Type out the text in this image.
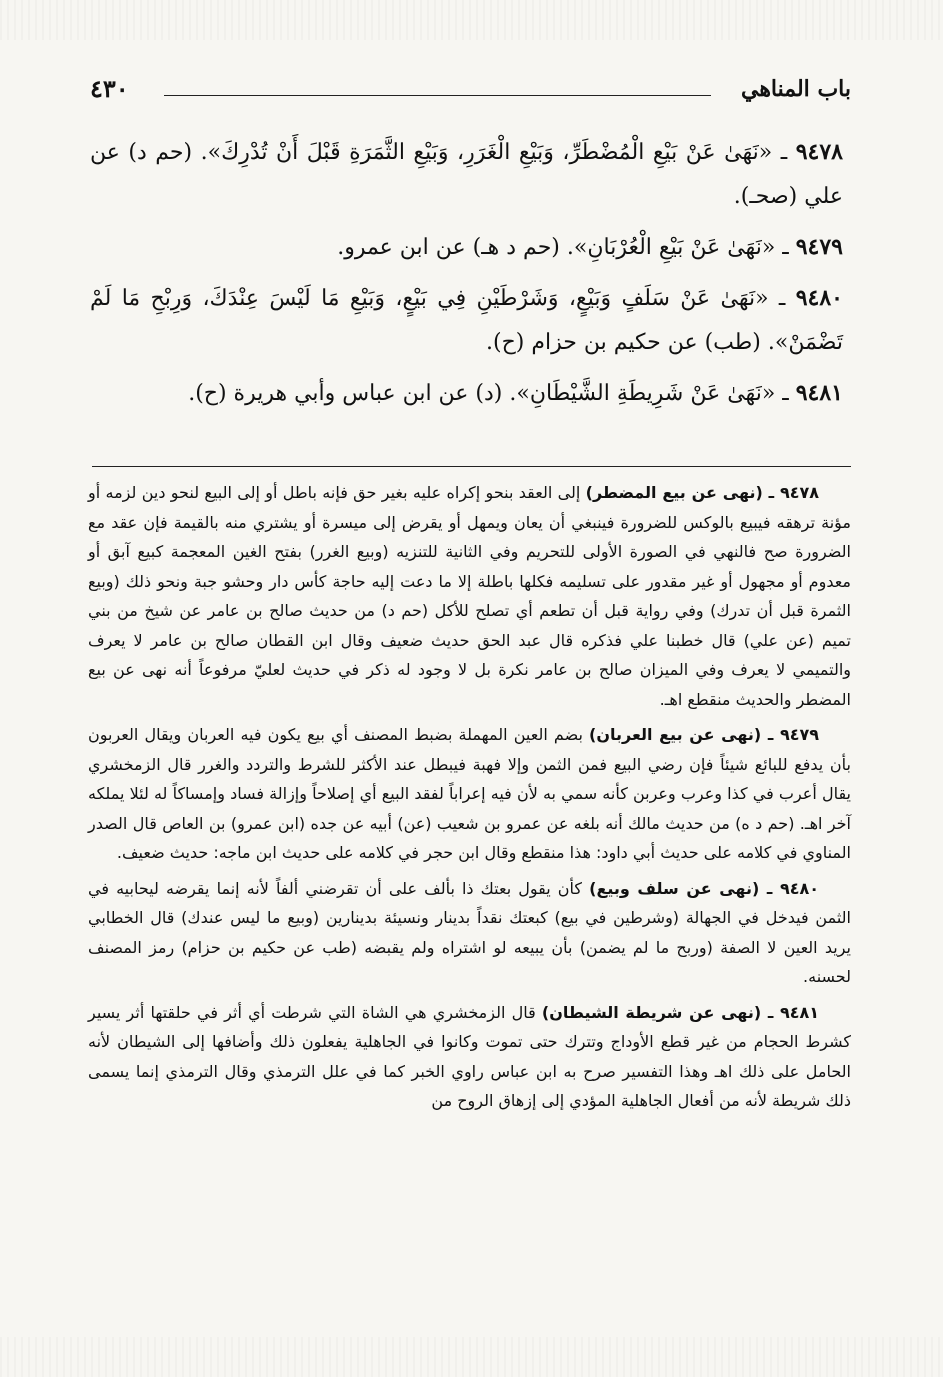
باب المناهي
٤٣٠

٩٤٧٨ ـ «نَهَىٰ عَنْ بَيْعِ الْمُضْطَرِّ، وَبَيْعِ الْغَرَرِ، وَبَيْعِ الثَّمَرَةِ قَبْلَ أَنْ تُدْرِكَ». (حم د) عن علي (صحـ).

٩٤٧٩ ـ «نَهَىٰ عَنْ بَيْعِ الْعُرْبَانِ». (حم د هـ) عن ابن عمرو.

٩٤٨٠ ـ «نَهَىٰ عَنْ سَلَفٍ وَبَيْعٍ، وَشَرْطَيْنِ فِي بَيْعٍ، وَبَيْعِ مَا لَيْسَ عِنْدَكَ، وَرِبْحِ مَا لَمْ تَضْمَنْ». (طب) عن حكيم بن حزام (ح).

٩٤٨١ ـ «نَهَىٰ عَنْ شَرِيطَةِ الشَّيْطَانِ». (د) عن ابن عباس وأبي هريرة (ح).

٩٤٧٨ ـ (نهى عن بيع المضطر) إلى العقد بنحو إكراه عليه بغير حق فإنه باطل أو إلى البيع لنحو دين لزمه أو مؤنة ترهقه فيبيع بالوكس للضرورة فينبغي أن يعان ويمهل أو يقرض إلى ميسرة أو يشتري منه بالقيمة فإن عقد مع الضرورة صح فالنهي في الصورة الأولى للتحريم وفي الثانية للتنزيه (وبيع الغرر) بفتح الغين المعجمة كبيع آبق أو معدوم أو مجهول أو غير مقدور على تسليمه فكلها باطلة إلا ما دعت إليه حاجة كأس دار وحشو جبة ونحو ذلك (وبيع الثمرة قبل أن تدرك) وفي رواية قبل أن تطعم أي تصلح للأكل (حم د) من حديث صالح بن عامر عن شيخ من بني تميم (عن علي) قال خطبنا علي فذكره قال عبد الحق حديث ضعيف وقال ابن القطان صالح بن عامر لا يعرف والتميمي لا يعرف وفي الميزان صالح بن عامر نكرة بل لا وجود له ذكر في حديث لعليّ مرفوعاً أنه نهى عن بيع المضطر والحديث منقطع اهـ.

٩٤٧٩ ـ (نهى عن بيع العربان) بضم العين المهملة بضبط المصنف أي بيع يكون فيه العربان ويقال العربون بأن يدفع للبائع شيئاً فإن رضي البيع فمن الثمن وإلا فهبة فيبطل عند الأكثر للشرط والتردد والغرر قال الزمخشري يقال أعرب في كذا وعرب وعربن كأنه سمي به لأن فيه إعراباً لفقد البيع أي إصلاحاً وإزالة فساد وإمساكاً له لئلا يملكه آخر اهـ. (حم د ه) من حديث مالك أنه بلغه عن عمرو بن شعيب (عن) أبيه عن جده (ابن عمرو) بن العاص قال الصدر المناوي في كلامه على حديث أبي داود: هذا منقطع وقال ابن حجر في كلامه على حديث ابن ماجه: حديث ضعيف.

٩٤٨٠ ـ (نهى عن سلف وبيع) كأن يقول بعتك ذا بألف على أن تقرضني ألفاً لأنه إنما يقرضه ليحابيه في الثمن فيدخل في الجهالة (وشرطين في بيع) كبعتك نقداً بدينار ونسيئة بدينارين (وبيع ما ليس عندك) قال الخطابي يريد العين لا الصفة (وربح ما لم يضمن) بأن يبيعه لو اشتراه ولم يقبضه (طب عن حكيم بن حزام) رمز المصنف لحسنه.

٩٤٨١ ـ (نهى عن شريطة الشيطان) قال الزمخشري هي الشاة التي شرطت أي أثر في حلقتها أثر يسير كشرط الحجام من غير قطع الأوداج وتترك حتى تموت وكانوا في الجاهلية يفعلون ذلك وأضافها إلى الشيطان لأنه الحامل على ذلك اهـ وهذا التفسير صرح به ابن عباس راوي الخبر كما في علل الترمذي وقال الترمذي إنما يسمى ذلك شريطة لأنه من أفعال الجاهلية المؤدي إلى إزهاق الروح من
